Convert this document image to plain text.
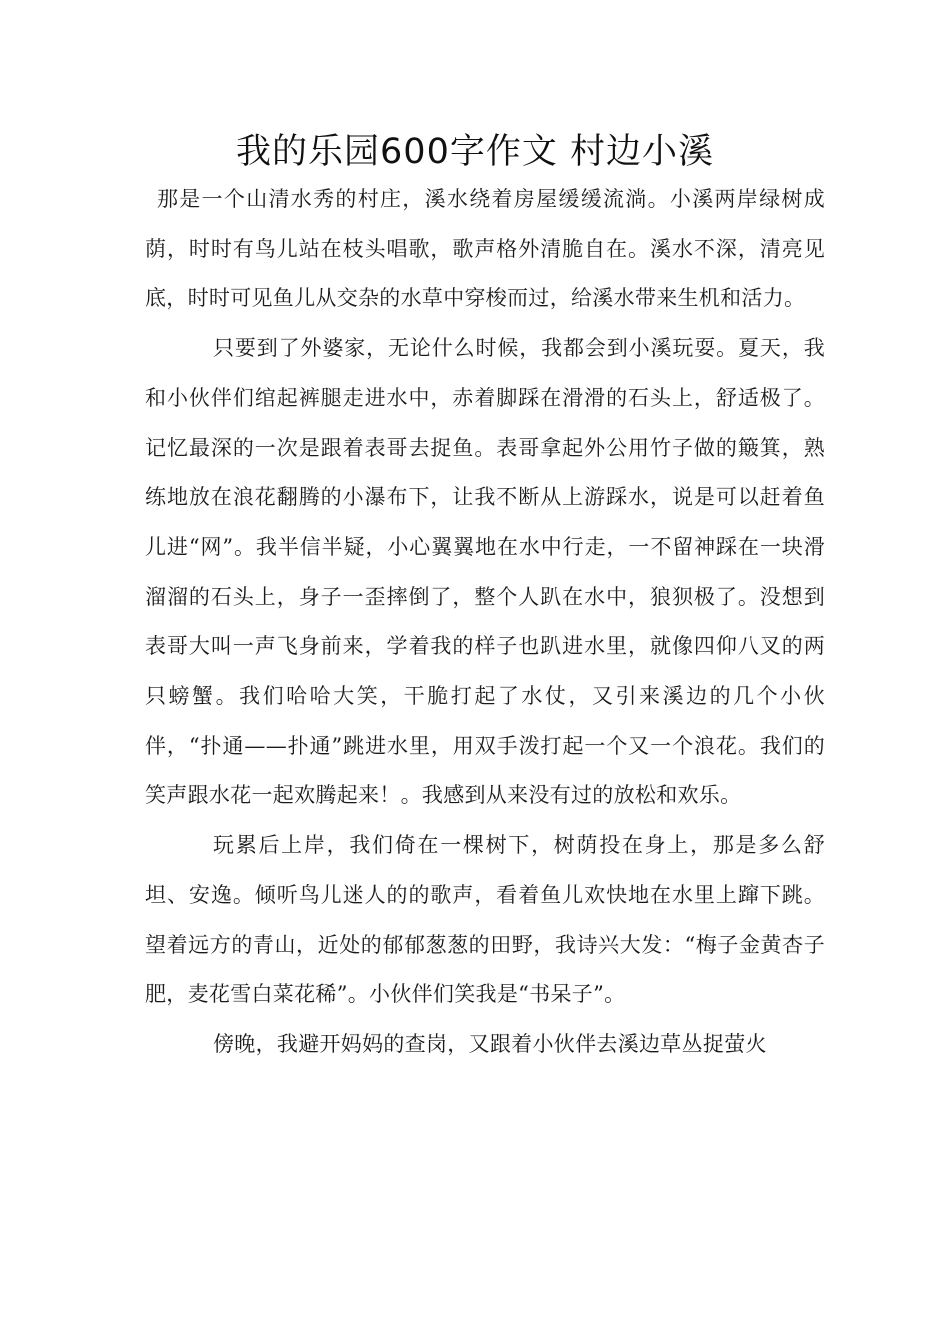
我的乐园600字作文 村边小溪

那是一个山清水秀的村庄，溪水绕着房屋缓缓流淌。小溪两岸绿树成荫，时时有鸟儿站在枝头唱歌，歌声格外清脆自在。溪水不深，清亮见底，时时可见鱼儿从交杂的水草中穿梭而过，给溪水带来生机和活力。

只要到了外婆家，无论什么时候，我都会到小溪玩耍。夏天，我和小伙伴们绾起裤腿走进水中，赤着脚踩在滑滑的石头上，舒适极了。记忆最深的一次是跟着表哥去捉鱼。表哥拿起外公用竹子做的簸箕，熟练地放在浪花翻腾的小瀑布下，让我不断从上游踩水，说是可以赶着鱼儿进“网”。我半信半疑，小心翼翼地在水中行走，一不留神踩在一块滑溜溜的石头上，身子一歪摔倒了，整个人趴在水中，狼狈极了。没想到表哥大叫一声飞身前来，学着我的样子也趴进水里，就像四仰八叉的两只螃蟹。我们哈哈大笑，干脆打起了水仗，又引来溪边的几个小伙伴，“扑通——扑通”跳进水里，用双手泼打起一个又一个浪花。我们的笑声跟水花一起欢腾起来！。我感到从来没有过的放松和欢乐。

玩累后上岸，我们倚在一棵树下，树荫投在身上，那是多么舒坦、安逸。倾听鸟儿迷人的的歌声，看着鱼儿欢快地在水里上蹿下跳。望着远方的青山，近处的郁郁葱葱的田野，我诗兴大发：“梅子金黄杏子肥，麦花雪白菜花稀”。小伙伴们笑我是“书呆子”。

傍晚，我避开妈妈的查岗，又跟着小伙伴去溪边草丛捉萤火
